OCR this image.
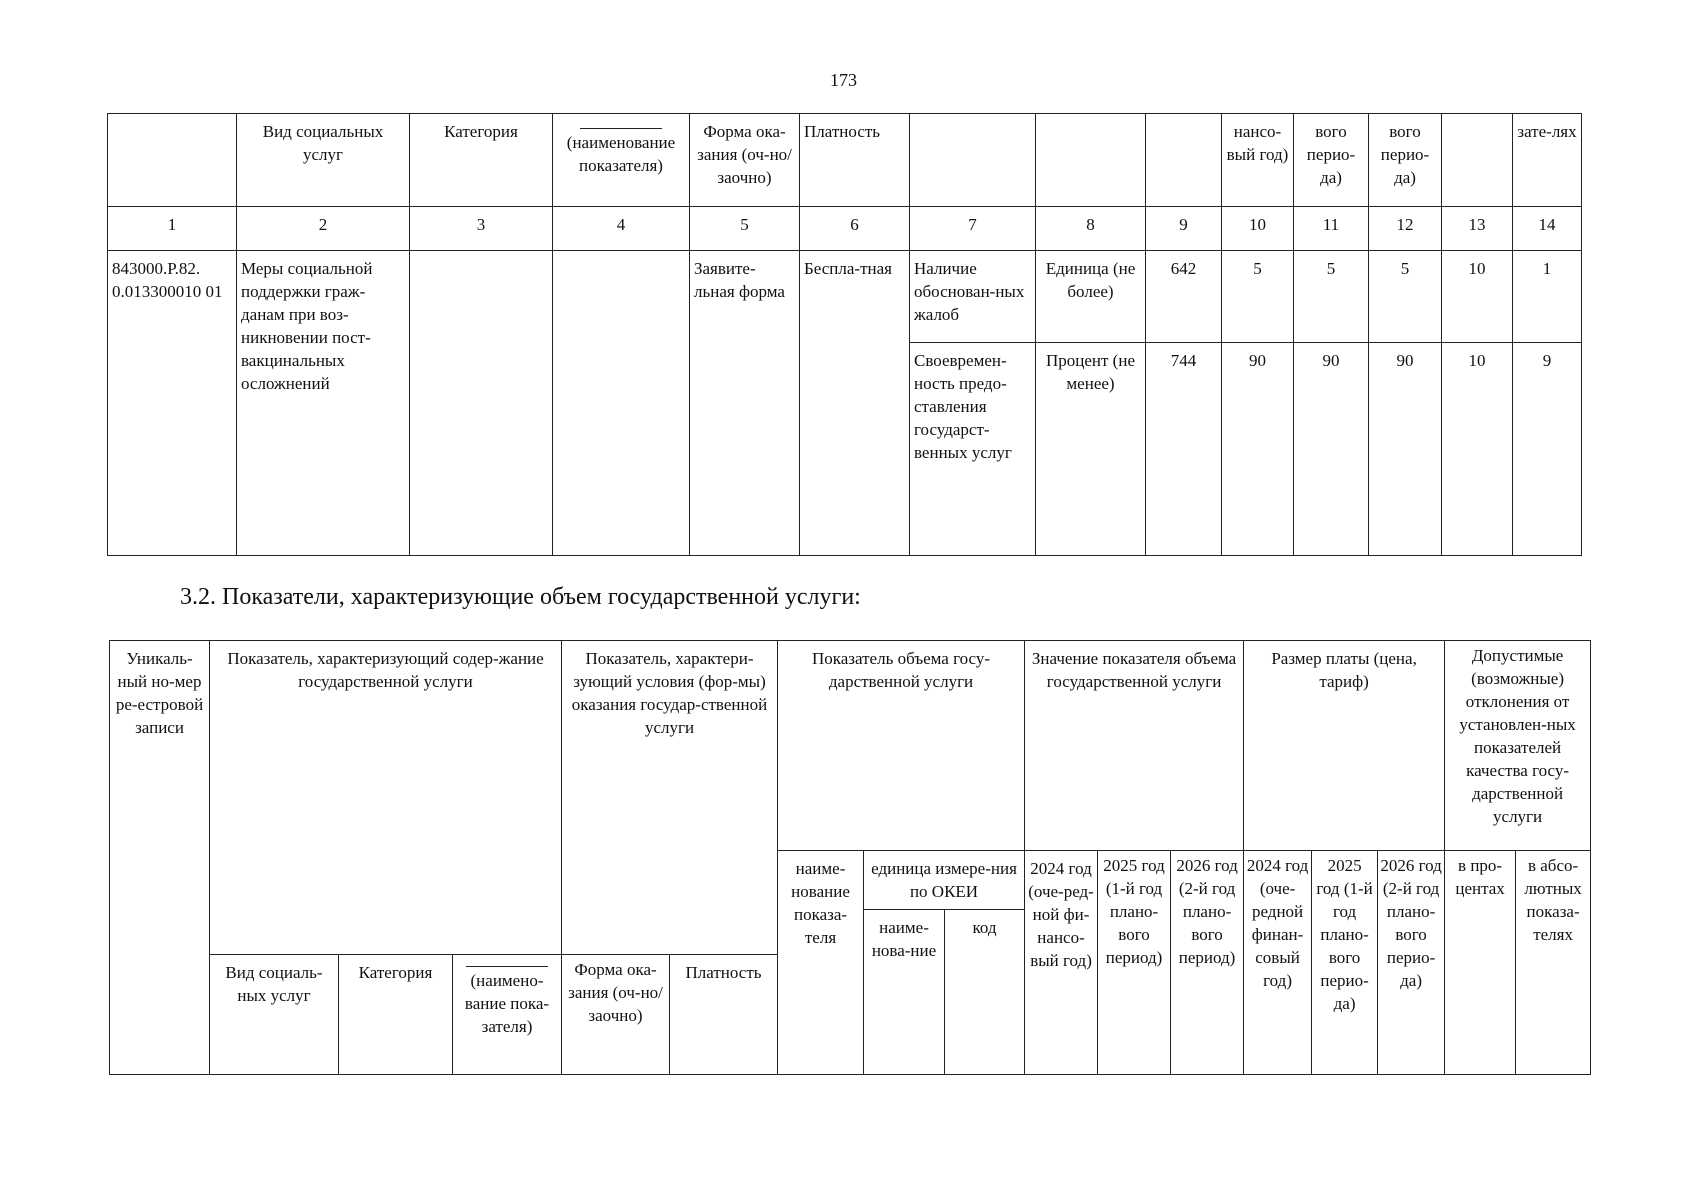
173
	Вид социальных услуг	Категория	(наименование показателя)	Форма ока-зания (оч-но/заочно)	Платность				нансо-вый год)	вого перио-да)	вого перио-да)		зате-лях
1	2	3	4	5	6	7	8	9	10	11	12	13	14
843000.Р.82. 0.013300010 01	Меры социальной поддержки граж-данам при воз-никновении пост-вакцинальных осложнений			Заявите-льная форма	Бесплa-тная	Наличие обоснован-ных жалоб	Единица (не более)	642	5	5	5	10	1
						Своевремен-ность предо-ставления государст-венных услуг	Процент (не менее)	744	90	90	90	10	9
3.2. Показатели, характеризующие объем государственной услуги:
Уникаль-ный но-мер ре-естровой записи	Показатель, характеризующий содер-жание государственной услуги			Показатель, характери-зующий условия (фор-мы) оказания государ-ственной услуги		Показатель объема госу-дарственной услуги			Значение показателя объема государственной услуги			Размер платы (цена, тариф)			Допустимые (возможные) отклонения от установлен-ных показателей качества госу-дарственной услуги	
						наиме-нование показа-теля	единица измере-ния по ОКЕИ		2024 год (оче-ред-ной фи-нансо-вый год)	2025 год (1-й год плано-вого период)	2026 год (2-й год плано-вого период)	2024 год (оче-редной финан-совый год)	2025 год (1-й год плано-вого перио-да)	2026 год (2-й год плано-вого перио-да)	в про-центах	в абсо-лютных показа-телях
							наиме-нова-ние	код								
	Вид социаль-ных услуг	Категория	(наимено-вание пока-зателя)	Форма ока-зания (оч-но/заочно)	Платность											
